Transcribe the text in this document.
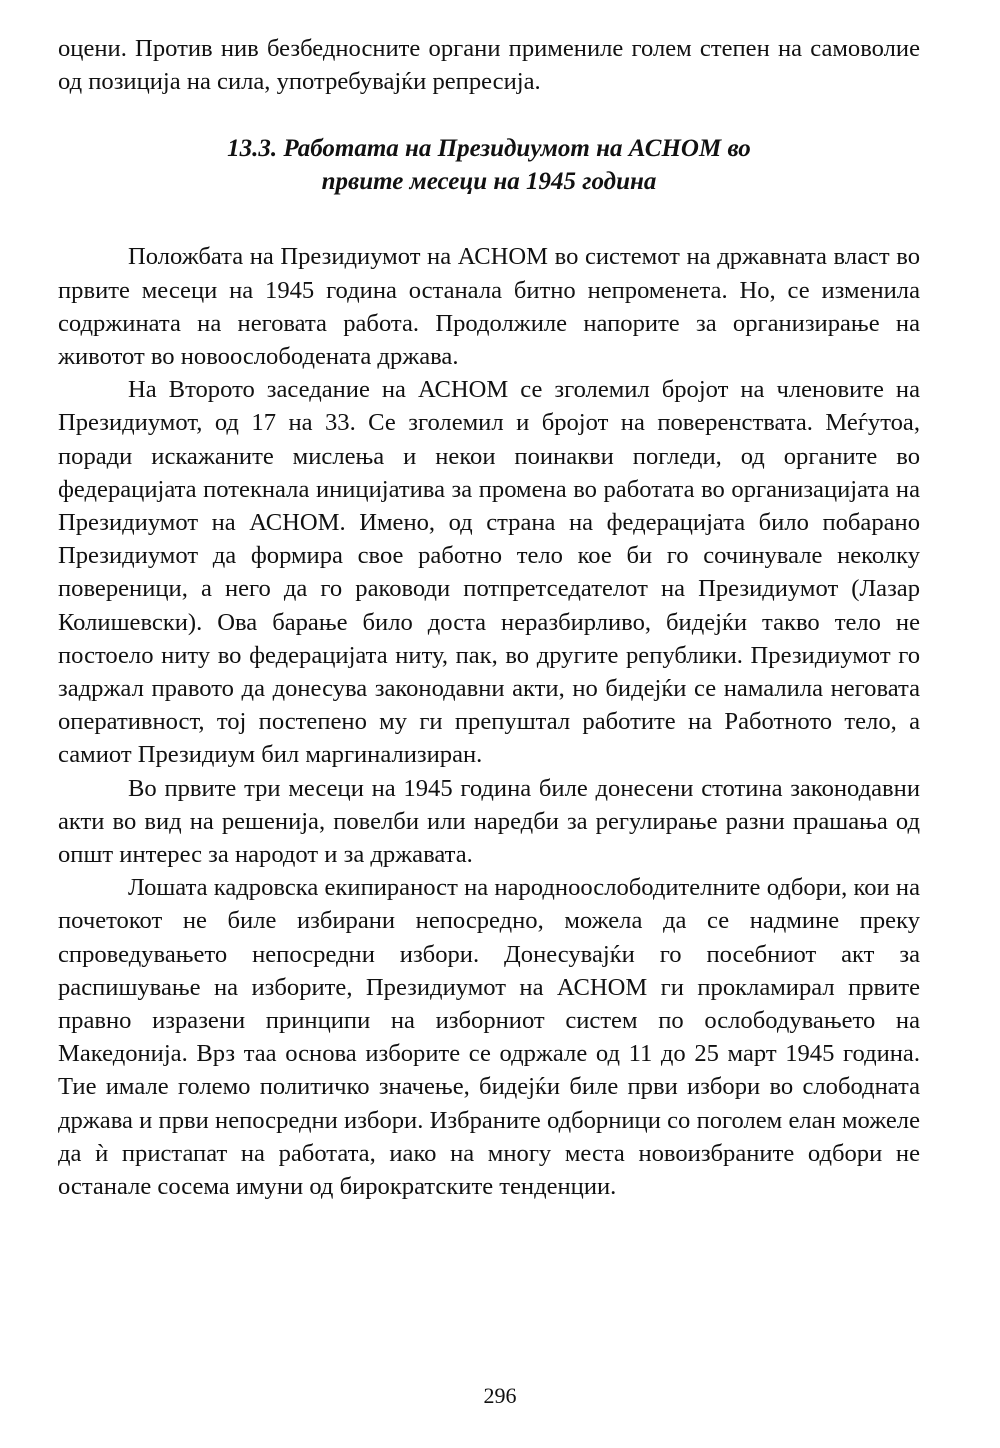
оцени. Против нив безбедносните органи примениле голем степен на самоволие од позиција на сила, употребувајќи репресија.

13.3. Работата на Президиумот на АСНОМ во
првите месеци на 1945 година

Положбата на Президиумот на АСНОМ во системот на државната власт во првите месеци на 1945 година останала битно непроменета. Но, се изменила содржината на неговата работа. Продолжиле напорите за организирање на животот во новоослободената држава.

На Второто заседание на АСНОМ се зголемил бројот на членовите на Президиумот, од 17 на 33. Се зголемил и бројот на поверенствата. Меѓутоа, поради искажаните мислења и некои поинакви погледи, од органите во федерацијата потекнала иницијатива за промена во работата во организацијата на Президиумот на АСНОМ. Имено, од страна на федерацијата било побарано Президиумот да формира свое работно тело кое би го сочинувале неколку повереници, а него да го раководи потпретседателот на Президиумот (Лазар Колишевски). Ова барање било доста неразбирливо, бидејќи такво тело не постоело ниту во федерацијата ниту, пак, во другите републики. Президиумот го задржал правото да донесува законодавни акти, но бидејќи се намалила неговата оперативност, тој постепено му ги препуштал работите на Работното тело, а самиот Президиум бил маргинализиран.

Во првите три месеци на 1945 година биле донесени стотина законодавни акти во вид на решенија, повелби или наредби за регулирање разни прашања од општ интерес за народот и за државата.

Лошата кадровска екипираност на народноослободителните одбори, кои на почетокот не биле избирани непосредно, можела да се надмине преку спроведувањето непосредни избори. Донесувајќи го посебниот акт за распишување на изборите, Президиумот на АСНОМ ги прокламирал првите правно изразени принципи на изборниот систем по ослободувањето на Македонија. Врз таа основа изборите се одржале од 11 до 25 март 1945 година. Тие имале големо политичко значење, бидејќи биле први избори во слободната држава и први непосредни избори. Избраните одборници со поголем елан можеле да ѝ пристапат на работата, иако на многу места новоизбраните одбори не останале сосема имуни од бирократските тенденции.

296
